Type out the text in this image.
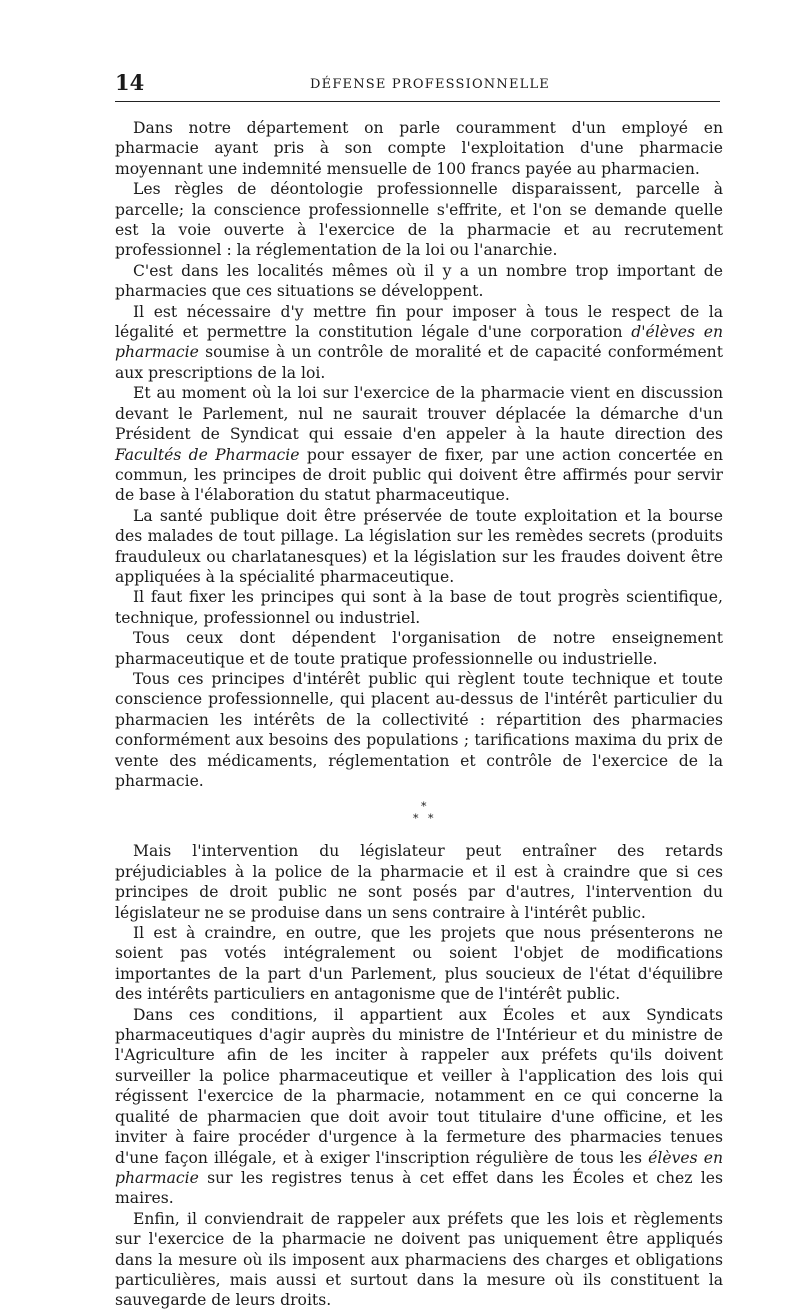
14	DÉFENSE PROFESSIONNELLE

Dans notre département on parle couramment d'un employé en pharmacie ayant pris à son compte l'exploitation d'une pharmacie moyennant une indemnité mensuelle de 100 francs payée au pharmacien.

Les règles de déontologie professionnelle disparaissent, parcelle à parcelle; la conscience professionnelle s'effrite, et l'on se demande quelle est la voie ouverte à l'exercice de la pharmacie et au recrutement professionnel : la réglementation de la loi ou l'anarchie.

C'est dans les localités mêmes où il y a un nombre trop important de pharmacies que ces situations se développent.

Il est nécessaire d'y mettre fin pour imposer à tous le respect de la légalité et permettre la constitution légale d'une corporation d'élèves en pharmacie soumise à un contrôle de moralité et de capacité conformément aux prescriptions de la loi.

Et au moment où la loi sur l'exercice de la pharmacie vient en discussion devant le Parlement, nul ne saurait trouver déplacée la démarche d'un Président de Syndicat qui essaie d'en appeler à la haute direction des Facultés de Pharmacie pour essayer de fixer, par une action concertée en commun, les principes de droit public qui doivent être affirmés pour servir de base à l'élaboration du statut pharmaceutique.

La santé publique doit être préservée de toute exploitation et la bourse des malades de tout pillage. La législation sur les remèdes secrets (produits frauduleux ou charlatanesques) et la législation sur les fraudes doivent être appliquées à la spécialité pharmaceutique.

Il faut fixer les principes qui sont à la base de tout progrès scientifique, technique, professionnel ou industriel.

Tous ceux dont dépendent l'organisation de notre enseignement pharmaceutique et de toute pratique professionnelle ou industrielle.

Tous ces principes d'intérêt public qui règlent toute technique et toute conscience professionnelle, qui placent au-dessus de l'intérêt particulier du pharmacien les intérêts de la collectivité : répartition des pharmacies conformément aux besoins des populations ; tarifications maxima du prix de vente des médicaments, réglementation et contrôle de l'exercice de la pharmacie.

*
* *

Mais l'intervention du législateur peut entraîner des retards préjudiciables à la police de la pharmacie et il est à craindre que si ces principes de droit public ne sont posés par d'autres, l'intervention du législateur ne se produise dans un sens contraire à l'intérêt public.

Il est à craindre, en outre, que les projets que nous présenterons ne soient pas votés intégralement ou soient l'objet de modifications importantes de la part d'un Parlement, plus soucieux de l'état d'équilibre des intérêts particuliers en antagonisme que de l'intérêt public.

Dans ces conditions, il appartient aux Écoles et aux Syndicats pharmaceutiques d'agir auprès du ministre de l'Intérieur et du ministre de l'Agriculture afin de les inciter à rappeler aux préfets qu'ils doivent surveiller la police pharmaceutique et veiller à l'application des lois qui régissent l'exercice de la pharmacie, notamment en ce qui concerne la qualité de pharmacien que doit avoir tout titulaire d'une officine, et les inviter à faire procéder d'urgence à la fermeture des pharmacies tenues d'une façon illégale, et à exiger l'inscription régulière de tous les élèves en pharmacie sur les registres tenus à cet effet dans les Écoles et chez les maires.

Enfin, il conviendrait de rappeler aux préfets que les lois et règlements sur l'exercice de la pharmacie ne doivent pas uniquement être appliqués dans la mesure où ils imposent aux pharmaciens des charges et obligations particulières, mais aussi et surtout dans la mesure où ils constituent la sauvegarde de leurs droits.
